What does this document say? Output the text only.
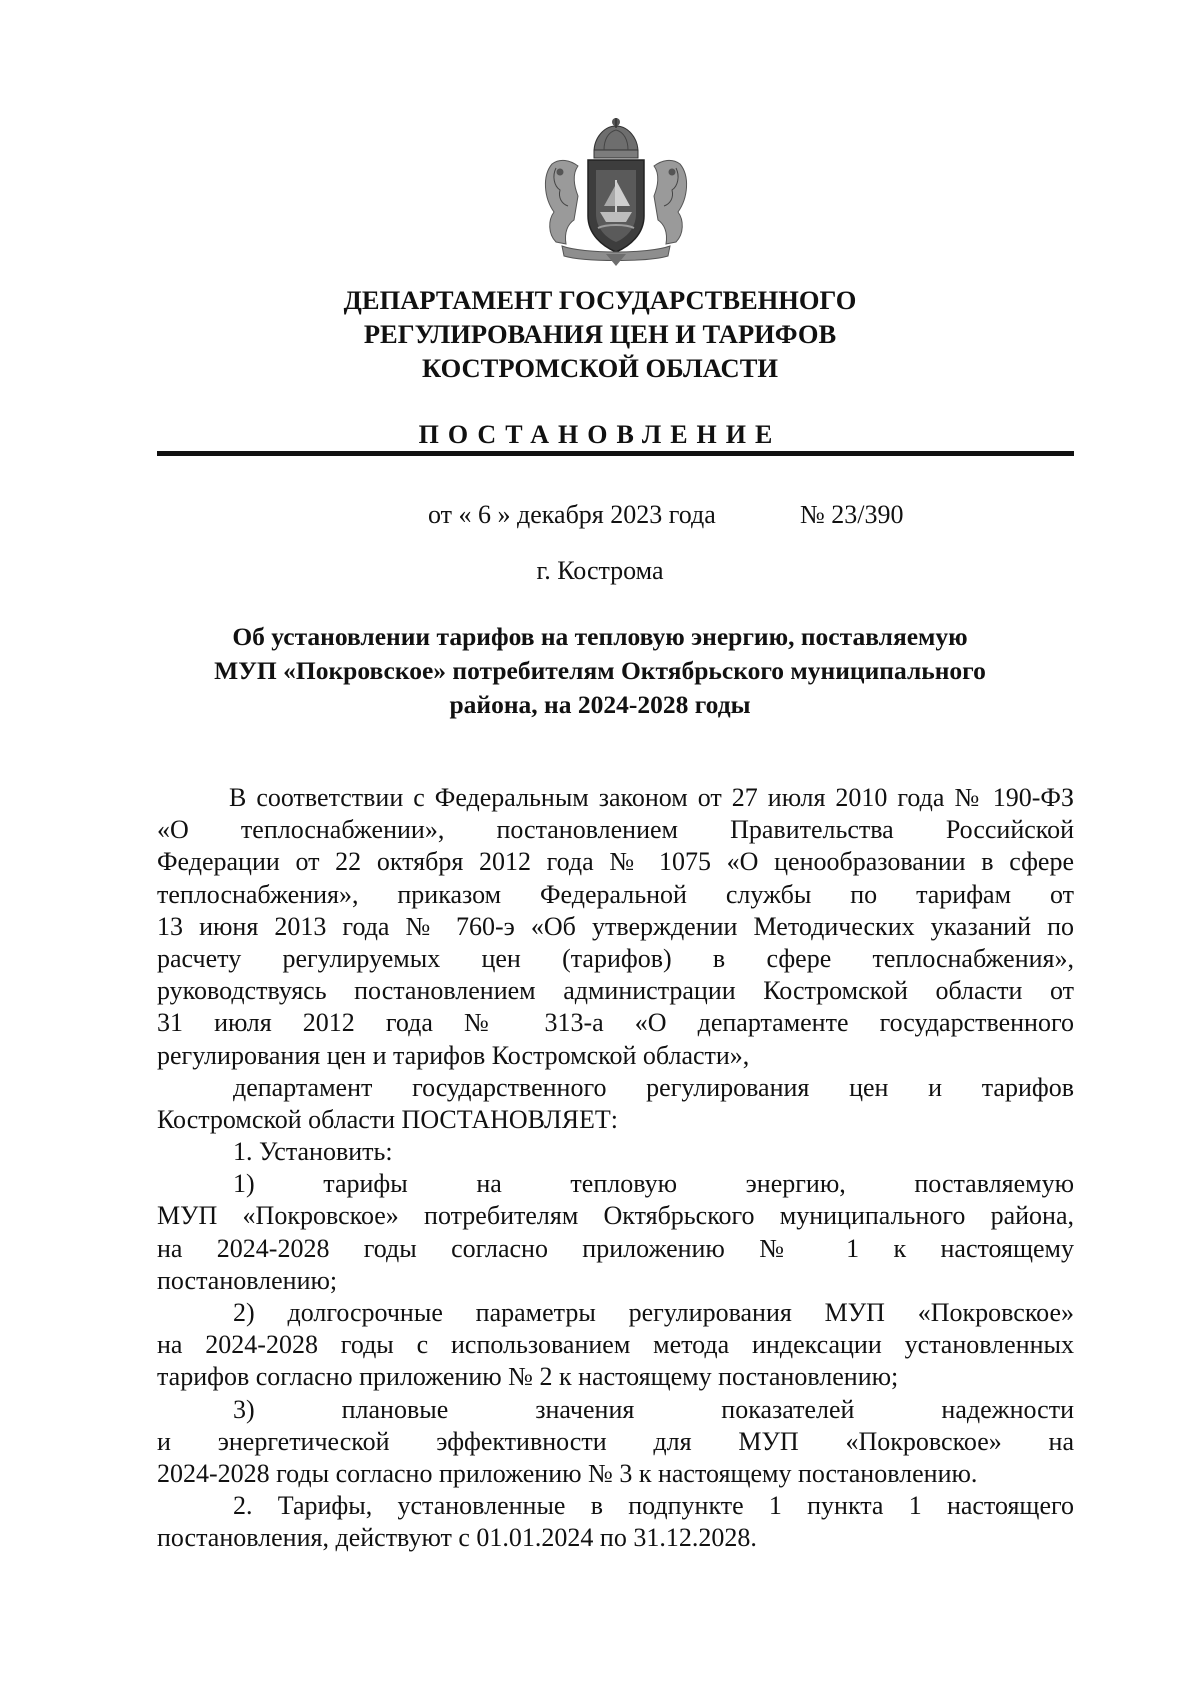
ДЕПАРТАМЕНТ ГОСУДАРСТВЕННОГО
РЕГУЛИРОВАНИЯ ЦЕН И ТАРИФОВ
КОСТРОМСКОЙ ОБЛАСТИ
ПОСТАНОВЛЕНИЕ
от « 6 » декабря 2023 года	№ 23/390
г. Кострома
Об установлении тарифов на тепловую энергию, поставляемую
МУП «Покровское» потребителям Октябрьского муниципального
района, на 2024-2028 годы
В соответствии с Федеральным законом от 27 июля 2010 года № 190-ФЗ
«О теплоснабжении», постановлением Правительства Российской
Федерации от 22 октября 2012 года № 1075 «О ценообразовании в сфере
теплоснабжения», приказом Федеральной службы по тарифам от
13 июня 2013 года № 760-э «Об утверждении Методических указаний по
расчету регулируемых цен (тарифов) в сфере теплоснабжения»,
руководствуясь постановлением администрации Костромской области от
31 июля 2012 года № 313-а «О департаменте государственного
регулирования цен и тарифов Костромской области»,
департамент государственного регулирования цен и тарифов
Костромской области ПОСТАНОВЛЯЕТ:
1. Установить:
1) тарифы на тепловую энергию, поставляемую
МУП «Покровское» потребителям Октябрьского муниципального района,
на 2024-2028 годы согласно приложению № 1 к настоящему
постановлению;
2) долгосрочные параметры регулирования МУП «Покровское»
на 2024-2028 годы с использованием метода индексации установленных
тарифов согласно приложению № 2 к настоящему постановлению;
3) плановые значения показателей надежности
и энергетической эффективности для МУП «Покровское» на
2024-2028 годы согласно приложению № 3 к настоящему постановлению.
2. Тарифы, установленные в подпункте 1 пункта 1 настоящего
постановления, действуют с 01.01.2024 по 31.12.2028.
